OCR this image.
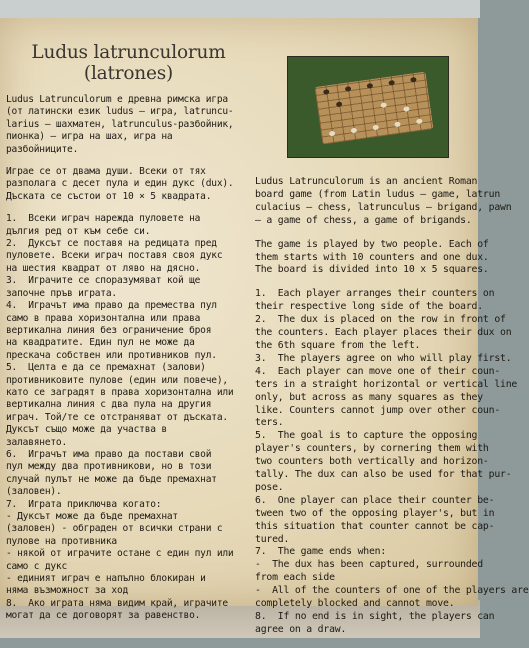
Ludus latrunculorum
(latrones)
Ludus Latrunculorum е древна римска игра
(от латински език ludus – игра, latruncu-
larius – шахматен, latrunculus-разбойник,
пионка) – игра на шах, игра на
разбойниците.
Играе се от двама души. Всеки от тях
разполага с десет пула и един дукс (dux).
Дъската се състои от 10 × 5 квадрата.
1.  Всеки играч нарежда пуловете на
дългия ред от към себе си.
2.  Дуксът се поставя на редицата пред
пуловете. Всеки играч поставя своя дукс
на шестия квадрат от ляво на дясно.
3.  Играчите се споразумяват кой ще
започне пръв играта.
4.  Играчът има право да премества пул
само в права хоризонтална или права
вертикална линия без ограничение броя
на квадратите. Един пул не може да
прескача собствен или противников пул.
5.  Целта е да се премахнат (залови)
противниковите пулове (един или повече),
като се заградят в права хоризонтална или
вертикална линия с два пула на другия
играч. Той/те се отстраняват от дъската.
Дуксът също може да участва в
залавянето.
6.  Играчът има право да постави свой
пул между два противникови, но в този
случай пулът не може да бъде премахнат
(заловен).
7.  Играта приключва когато:
- Дуксът може да бъде премахнат
(заловен) - обграден от всички страни с
пулове на противника
- някой от играчите остане с един пул или
само с дукс
- единият играч е напълно блокиран и
няма възможност за ход
8.  Ако играта няма видим край, играчите
могат да се договорят за равенство.
Ludus Latrunculorum is an ancient Roman
board game (from Latin ludus – game, latrun
culacius – chess, latrunculus – brigand, pawn
– a game of chess, a game of brigands.
The game is played by two people. Each of
them starts with 10 counters and one dux.
The board is divided into 10 x 5 squares.
1.  Each player arranges their counters on
their respective long side of the board.
2.  The dux is placed on the row in front of
the counters. Each player places their dux on
the 6th square from the left.
3.  The players agree on who will play first.
4.  Each player can move one of their coun-
ters in a straight horizontal or vertical line
only, but across as many squares as they
like. Counters cannot jump over other coun-
ters.
5.  The goal is to capture the opposing
player's counters, by cornering them with
two counters both vertically and horizon-
tally. The dux can also be used for that pur-
pose.
6.  One player can place their counter be-
tween two of the opposing player's, but in
this situation that counter cannot be cap-
tured.
7.  The game ends when:
-  The dux has been captured, surrounded
from each side
-  All of the counters of one of the players are
completely blocked and cannot move.
8.  If no end is in sight, the players can
agree on a draw.
